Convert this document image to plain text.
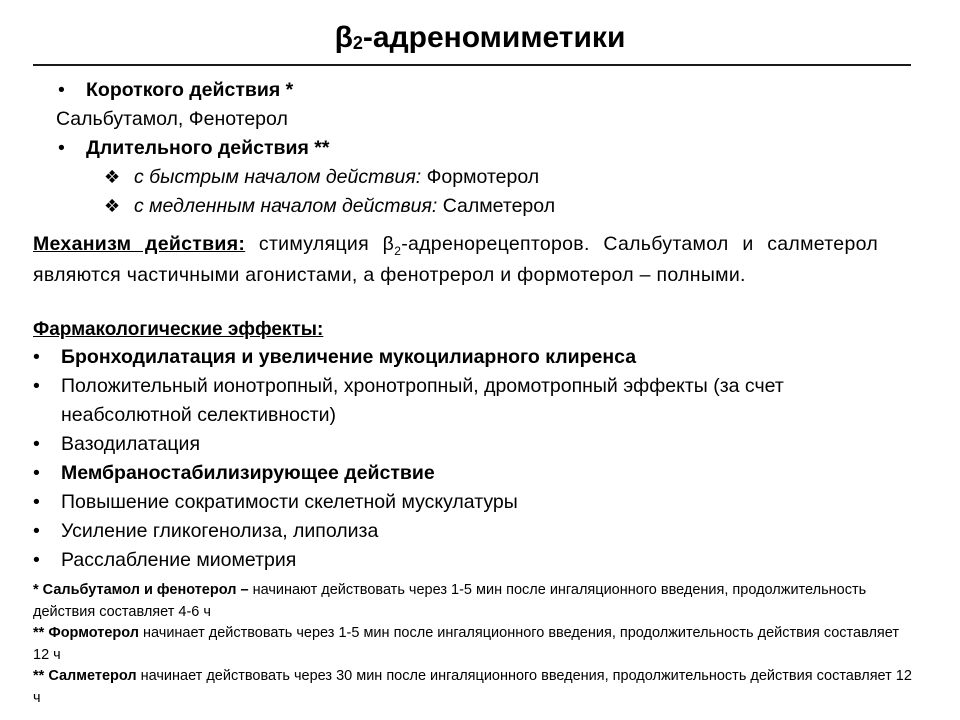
$\beta_2$-адреномиметики
• Короткого действия *
Сальбутамол, Фенотерол
• Длительного действия **
❖ с быстрым началом действия: Формотерол
❖ с медленным началом действия: Салметерол
Механизм действия: стимуляция $\beta_2$-адренорецепторов. Сальбутамол и салметерол являются частичными агонистами, а фенотрерол и формотерол – полными.
Фармакологические эффекты:
• Бронходилатация и увеличение мукоцилиарного клиренса
• Положительный ионотропный, хронотропный, дромотропный эффекты (за счет неабсолютной селективности)
• Вазодилатация
• Мембраностабилизирующее действие
• Повышение сократимости скелетной мускулатуры
• Усиление гликогенолиза, липолиза
• Расслабление миометрия
* Сальбутамол и фенотерол – начинают действовать через 1-5 мин после ингаляционного введения, продолжительность действия составляет 4-6 ч
** Формотерол начинает действовать через 1-5 мин после ингаляционного введения, продолжительность действия составляет 12 ч
** Салметерол начинает действовать через 30 мин после ингаляционного введения, продолжительность действия составляет 12 ч
